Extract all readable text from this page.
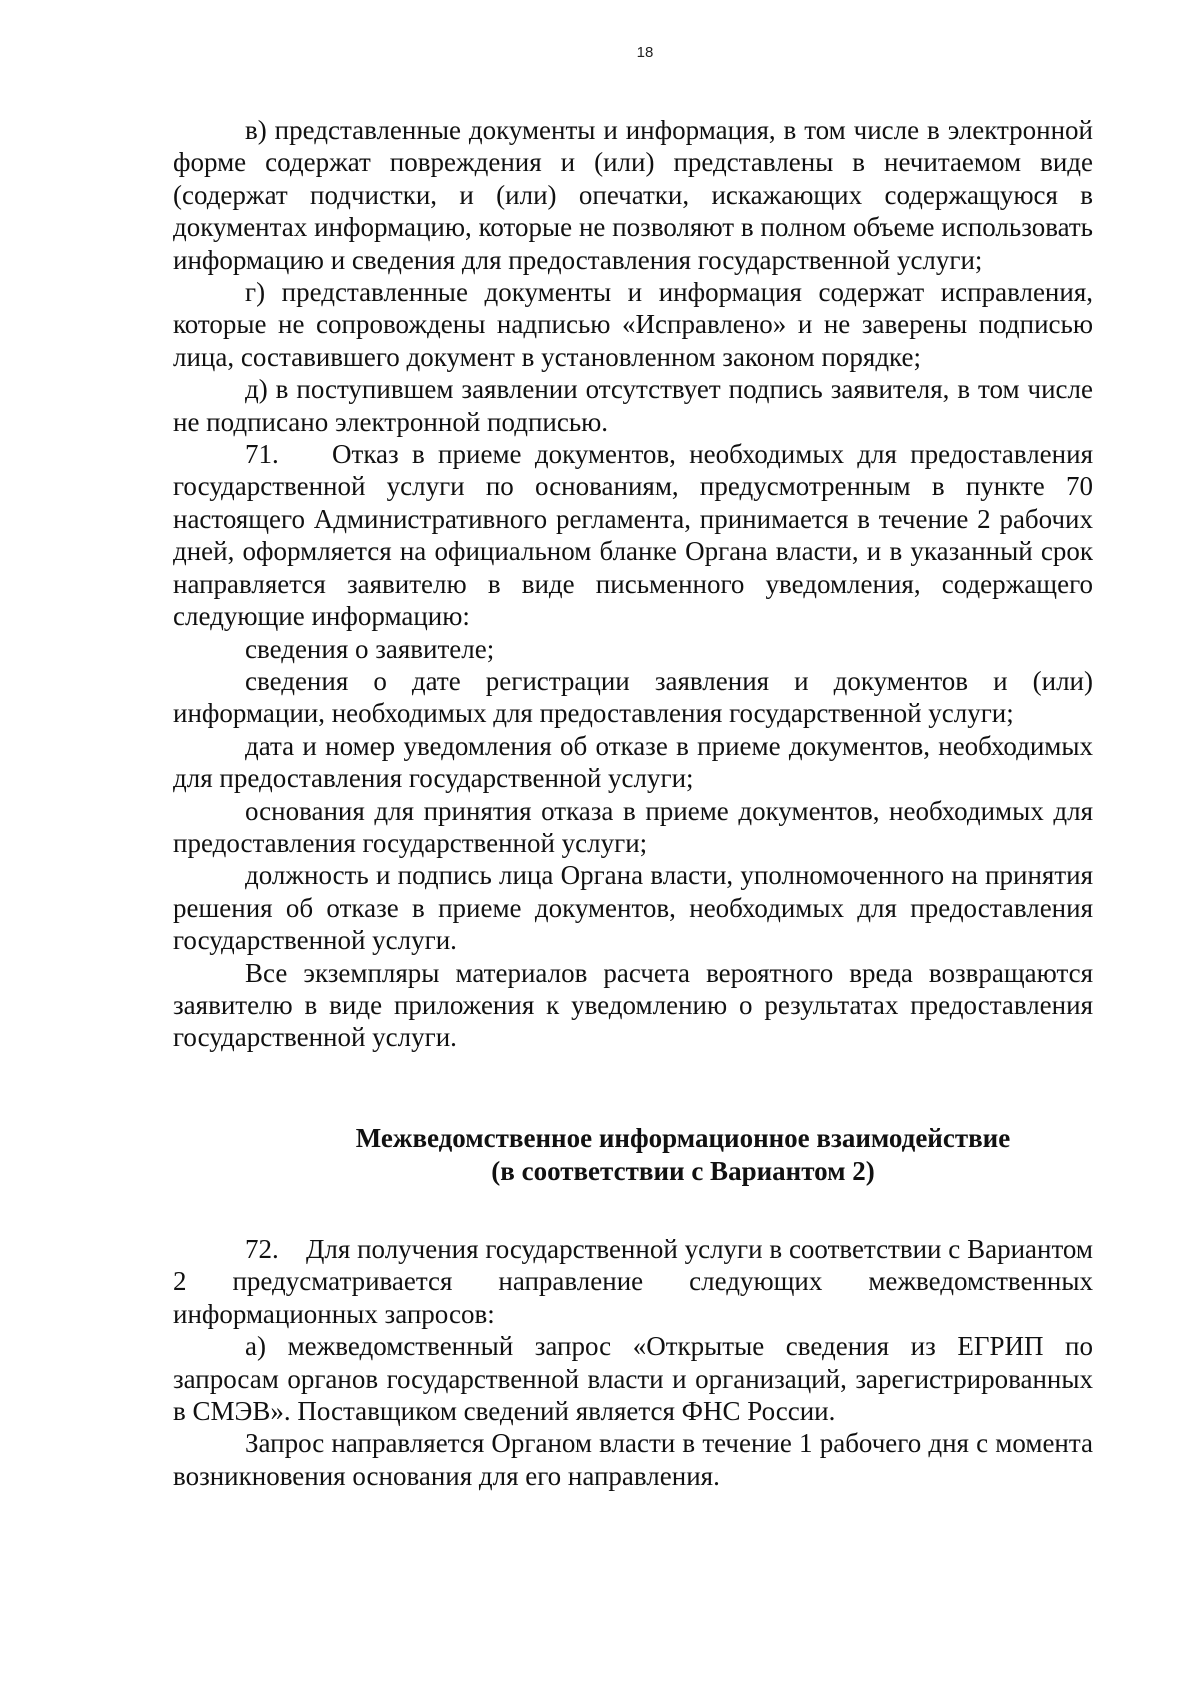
18

в) представленные документы и информация, в том числе в электронной форме содержат повреждения и (или) представлены в нечитаемом виде (содержат подчистки, и (или) опечатки, искажающих содержащуюся в документах информацию, которые не позволяют в полном объеме использовать информацию и сведения для предоставления государственной услуги;

г) представленные документы и информация содержат исправления, которые не сопровождены надписью «Исправлено» и не заверены подписью лица, составившего документ в установленном законом порядке;

д) в поступившем заявлении отсутствует подпись заявителя, в том числе не подписано электронной подписью.

71.    Отказ в приеме документов, необходимых для предоставления государственной услуги по основаниям, предусмотренным в пункте 70 настоящего Административного регламента, принимается в течение 2 рабочих дней, оформляется на официальном бланке Органа власти, и в указанный срок направляется заявителю в виде письменного уведомления, содержащего следующие информацию:

сведения о заявителе;

сведения о дате регистрации заявления и документов и (или) информации, необходимых для предоставления государственной услуги;

дата и номер уведомления об отказе в приеме документов, необходимых для предоставления государственной услуги;

основания для принятия отказа в приеме документов, необходимых для предоставления государственной услуги;

должность и подпись лица Органа власти, уполномоченного на принятия решения об отказе в приеме документов, необходимых для предоставления государственной услуги.

Все экземпляры материалов расчета вероятного вреда возвращаются заявителю в виде приложения к уведомлению о результатах предоставления государственной услуги.

Межведомственное информационное взаимодействие
(в соответствии с Вариантом 2)

72.    Для получения государственной услуги в соответствии с Вариантом 2 предусматривается направление следующих межведомственных информационных запросов:

а) межведомственный запрос «Открытые сведения из ЕГРИП по запросам органов государственной власти и организаций, зарегистрированных в СМЭВ». Поставщиком сведений является ФНС России.

Запрос направляется Органом власти в течение 1 рабочего дня с момента возникновения основания для его направления.
